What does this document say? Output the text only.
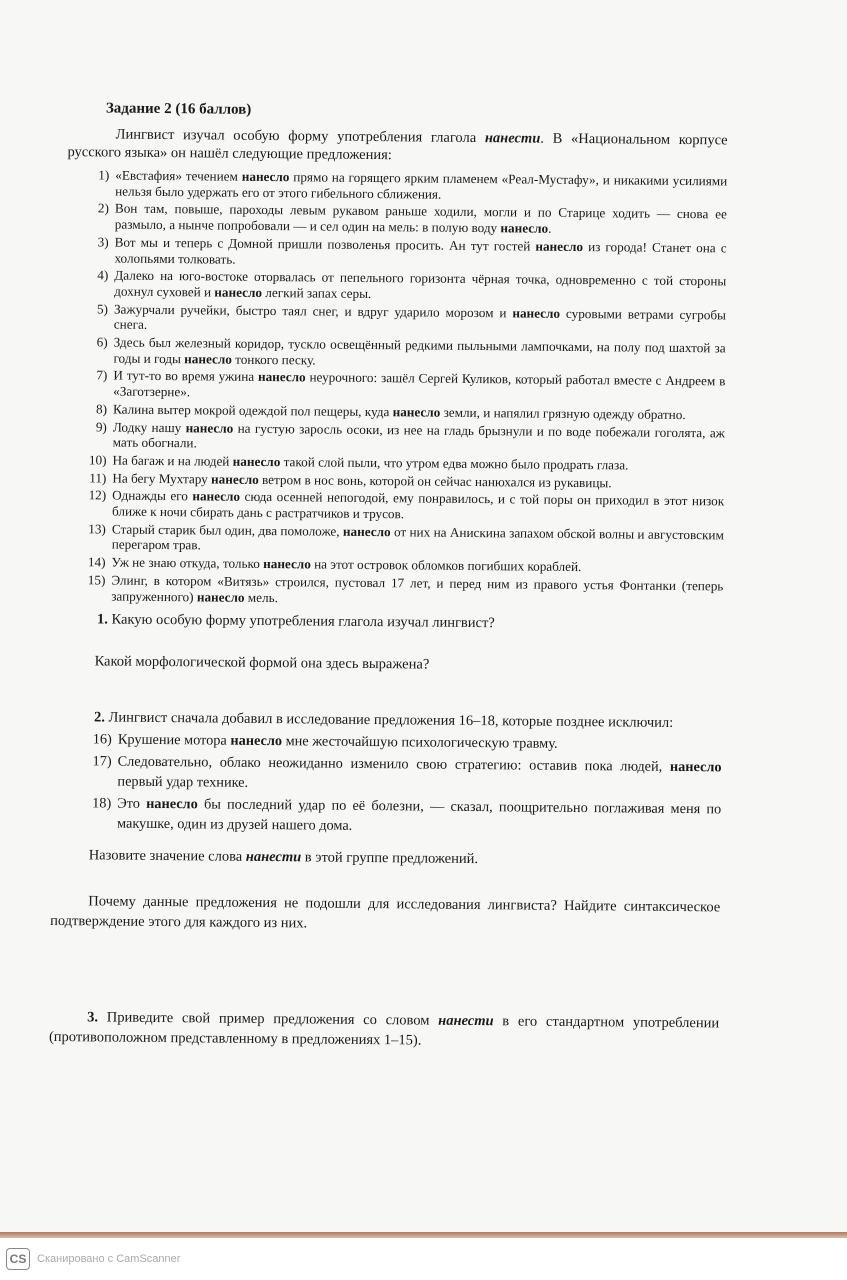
Задание 2 (16 баллов)

Лингвист изучал особую форму употребления глагола нанести. В «Национальном корпусе русского языка» он нашёл следующие предложения:

1) «Евстафия» течением нанесло прямо на горящего ярким пламенем «Реал-Мустафу», и никакими усилиями нельзя было удержать его от этого гибельного сближения.
2) Вон там, повыше, пароходы левым рукавом раньше ходили, могли и по Старице ходить — снова ее размыло, а нынче попробовали — и сел один на мель: в полую воду нанесло.
3) Вот мы и теперь с Домной пришли позволенья просить. Ан тут гостей нанесло из города! Станет она с холопьями толковать.
4) Далеко на юго-востоке оторвалась от пепельного горизонта чёрная точка, одновременно с той стороны дохнул суховей и нанесло легкий запах серы.
5) Зажурчали ручейки, быстро таял снег, и вдруг ударило морозом и нанесло суровыми ветрами сугробы снега.
6) Здесь был железный коридор, тускло освещённый редкими пыльными лампочками, на полу под шахтой за годы и годы нанесло тонкого песку.
7) И тут-то во время ужина нанесло неурочного: зашёл Сергей Куликов, который работал вместе с Андреем в «Заготзерне».
8) Калина вытер мокрой одеждой пол пещеры, куда нанесло земли, и напялил грязную одежду обратно.
9) Лодку нашу нанесло на густую заросль осоки, из нее на гладь брызнули и по воде побежали гоголята, аж мать обогнали.
10) На багаж и на людей нанесло такой слой пыли, что утром едва можно было продрать глаза.
11) На бегу Мухтару нанесло ветром в нос вонь, которой он сейчас нанюхался из рукавицы.
12) Однажды его нанесло сюда осенней непогодой, ему понравилось, и с той поры он приходил в этот низок ближе к ночи сбирать дань с растратчиков и трусов.
13) Старый старик был один, два помоложе, нанесло от них на Анискина запахом обской волны и августовским перегаром трав.
14) Уж не знаю откуда, только нанесло на этот островок обломков погибших кораблей.
15) Элинг, в котором «Витязь» строился, пустовал 17 лет, и перед ним из правого устья Фонтанки (теперь запруженного) нанесло мель.

1. Какую особую форму употребления глагола изучал лингвист?

Какой морфологической формой она здесь выражена?

2. Лингвист сначала добавил в исследование предложения 16–18, которые позднее исключил:

16) Крушение мотора нанесло мне жесточайшую психологическую травму.
17) Следовательно, облако неожиданно изменило свою стратегию: оставив пока людей, нанесло первый удар технике.
18) Это нанесло бы последний удар по её болезни, — сказал, поощрительно поглаживая меня по макушке, один из друзей нашего дома.

Назовите значение слова нанести в этой группе предложений.

Почему данные предложения не подошли для исследования лингвиста? Найдите синтаксическое подтверждение этого для каждого из них.

3. Приведите свой пример предложения со словом нанести в его стандартном употреблении (противоположном представленному в предложениях 1–15).

CS Сканировано с CamScanner
